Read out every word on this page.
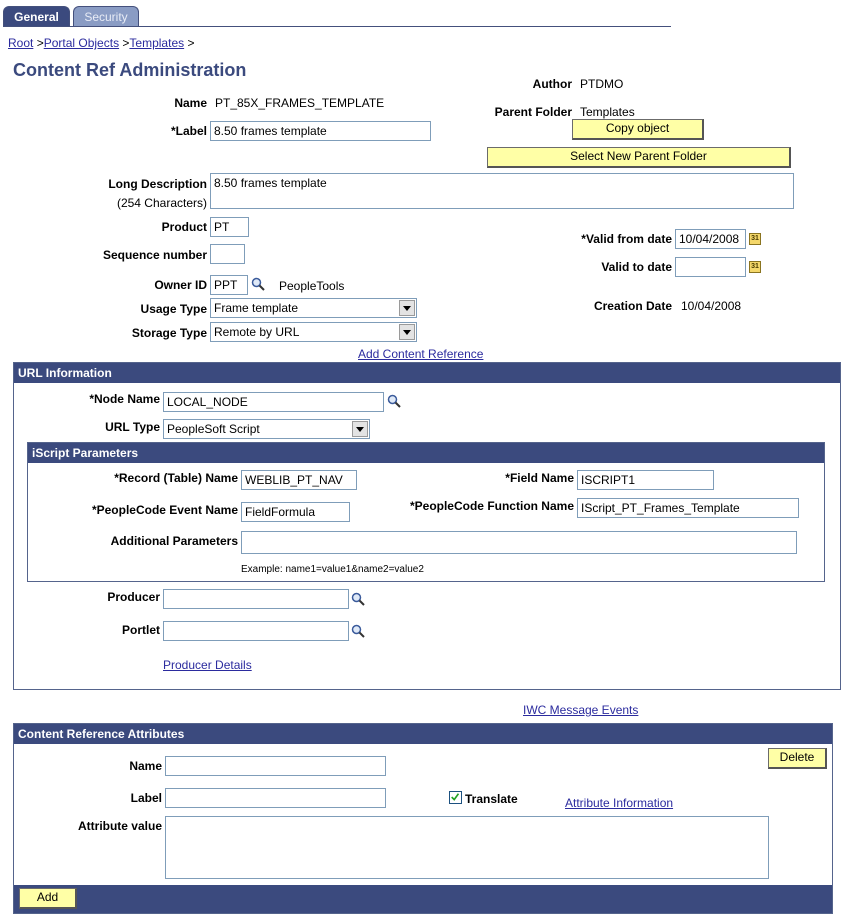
General	Security
Root >Portal Objects >Templates >
Content Ref Administration
Name PT_85X_FRAMES_TEMPLATE
*Label 8.50 frames template
Author PTDMO
Parent Folder Templates
Copy object
Select New Parent Folder
Long Description
(254 Characters)
8.50 frames template
Product PT
Sequence number
*Valid from date 10/04/2008	31
Valid to date	31
Owner ID PPT	PeopleTools
Usage Type Frame template
Storage Type Remote by URL
Creation Date 10/04/2008
Add Content Reference
URL Information
*Node Name LOCAL_NODE
URL Type PeopleSoft Script
iScript Parameters
*Record (Table) Name WEBLIB_PT_NAV	*Field Name ISCRIPT1
*PeopleCode Event Name FieldFormula	*PeopleCode Function Name IScript_PT_Frames_Template
Additional Parameters
Example: name1=value1&name2=value2
Producer
Portlet
Producer Details
IWC Message Events
Content Reference Attributes
Name
Label	Translate	Attribute Information
Delete
Attribute value
Add
